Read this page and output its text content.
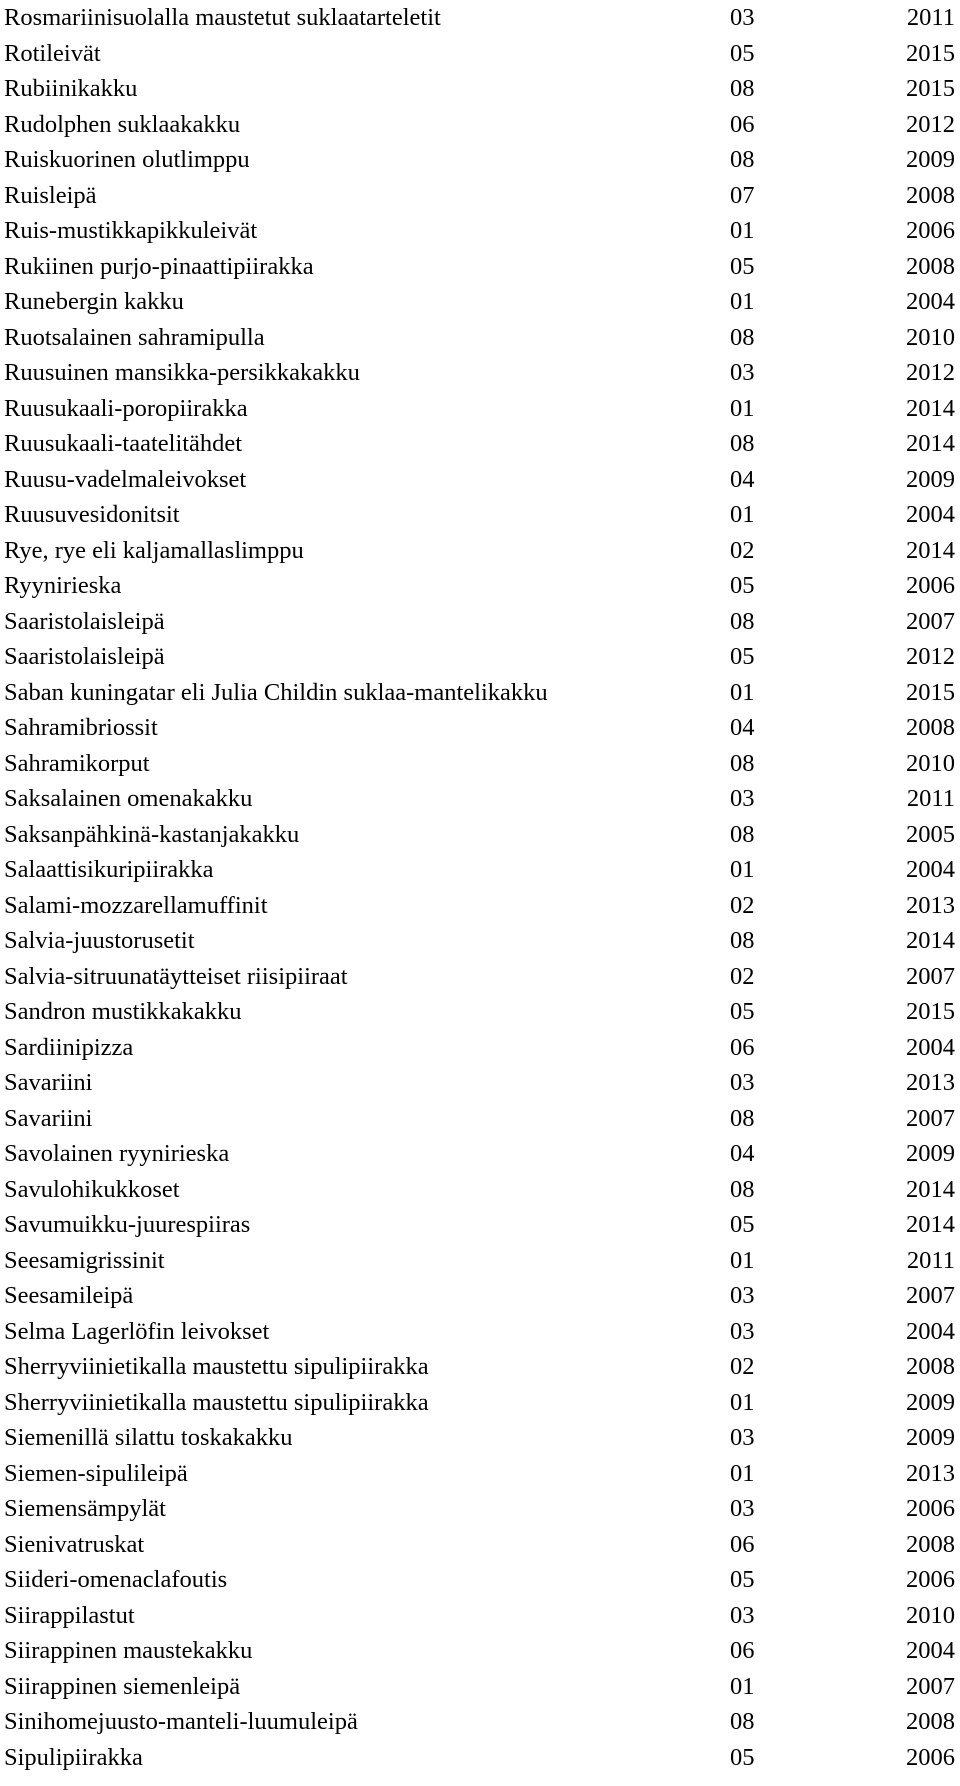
Rosmariinisuolalla maustetut suklaatarteletit	03	2011
Rotileivät	05	2015
Rubiinikakku	08	2015
Rudolphen suklaakakku	06	2012
Ruiskuorinen olutlimppu	08	2009
Ruisleipä	07	2008
Ruis-mustikkapikkuleivät	01	2006
Rukiinen purjo-pinaattipiirakka	05	2008
Runebergin kakku	01	2004
Ruotsalainen sahramipulla	08	2010
Ruusuinen mansikka-persikkakakku	03	2012
Ruusukaali-poropiirakka	01	2014
Ruusukaali-taatelitähdet	08	2014
Ruusu-vadelmaleivokset	04	2009
Ruusuvesidonitsit	01	2004
Rye, rye eli kaljamallaslimppu	02	2014
Ryynirieska	05	2006
Saaristolaisleipä	08	2007
Saaristolaisleipä	05	2012
Saban kuningatar eli Julia Childin suklaa-mantelikakku	01	2015
Sahramibriossit	04	2008
Sahramikorput	08	2010
Saksalainen omenakakku	03	2011
Saksanpähkinä-kastanjakakku	08	2005
Salaattisikuripiirakka	01	2004
Salami-mozzarellamuffinit	02	2013
Salvia-juustorusetit	08	2014
Salvia-sitruunatäytteiset riisipiiraat	02	2007
Sandron mustikkakakku	05	2015
Sardiinipizza	06	2004
Savariini	03	2013
Savariini	08	2007
Savolainen ryynirieska	04	2009
Savulohikukkoset	08	2014
Savumuikku-juurespiiras	05	2014
Seesamigrissinit	01	2011
Seesamileipä	03	2007
Selma Lagerlöfin leivokset	03	2004
Sherryviinietikalla maustettu sipulipiirakka	02	2008
Sherryviinietikalla maustettu sipulipiirakka	01	2009
Siemenillä silattu toskakakku	03	2009
Siemen-sipulileipä	01	2013
Siemensämpylät	03	2006
Sienivatruskat	06	2008
Siideri-omenaclafoutis	05	2006
Siirappilastut	03	2010
Siirappinen maustekakku	06	2004
Siirappinen siemenleipä	01	2007
Sinihomejuusto-manteli-luumuleipä	08	2008
Sipulipiirakka	05	2006
